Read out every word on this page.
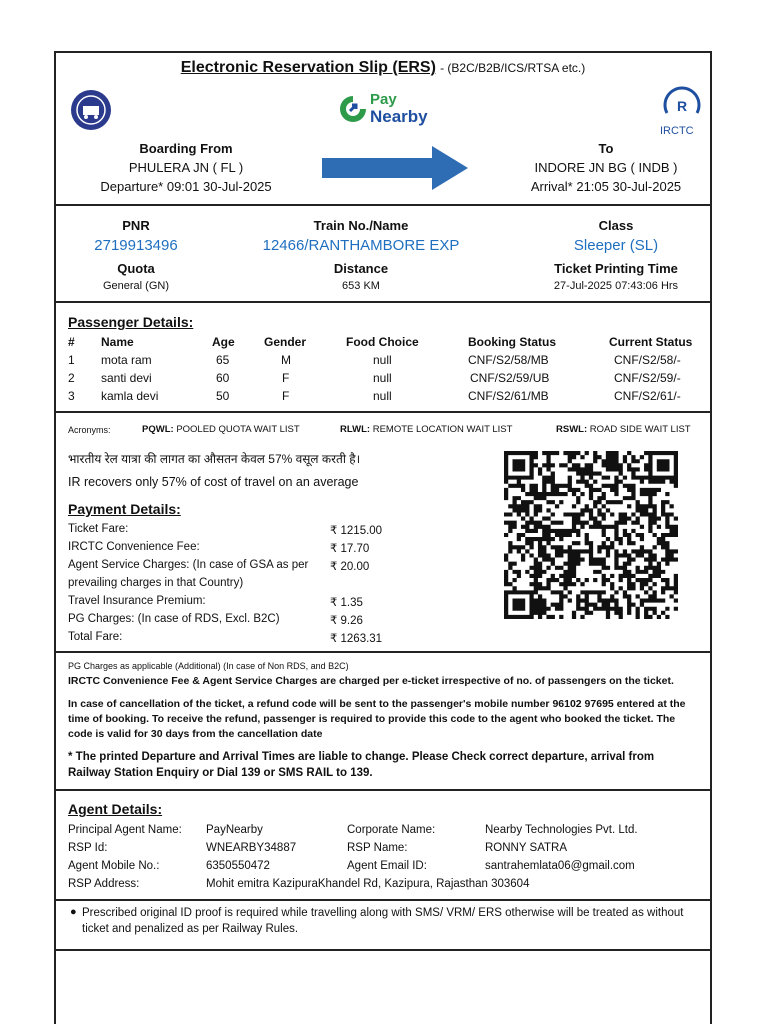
Electronic Reservation Slip (ERS) - (B2C/B2B/ICS/RTSA etc.)
Pay
Nearby
R
IRCTC
Boarding From
PHULERA JN ( FL )
Departure* 09:01 30-Jul-2025
To
INDORE JN BG ( INDB )
Arrival* 21:05 30-Jul-2025
PNR
2719913496
Train No./Name
12466/RANTHAMBORE EXP
Class
Sleeper (SL)
Quota
General (GN)
Distance
653 KM
Ticket Printing Time
27-Jul-2025 07:43:06 Hrs
Passenger Details:
# Name	Age Gender	Food Choice	Booking Status	Current Status
1 mota ram	65	M	null	CNF/S2/58/MB	CNF/S2/58/-
2 santi devi	60	F	null	CNF/S2/59/UB	CNF/S2/59/-
3 kamla devi	50	F	null	CNF/S2/61/MB	CNF/S2/61/-
Acronyms:	PQWL: POOLED QUOTA WAIT LIST	RLWL: REMOTE LOCATION WAIT LIST	RSWL: ROAD SIDE WAIT LIST
भारतीय रेल यात्रा की लागत का औसतन केवल 57% वसूल करती है।
IR recovers only 57% of cost of travel on an average
Payment Details:
Ticket Fare:	₹ 1215.00
IRCTC Convenience Fee:	₹ 17.70
Agent Service Charges: (In case of GSA as per ₹ 20.00
prevailing charges in that Country)
Travel Insurance Premium:	₹ 1.35
PG Charges: (In case of RDS, Excl. B2C)	₹ 9.26
Total Fare:	₹ 1263.31
PG Charges as applicable (Additional) (In case of Non RDS, and B2C)
IRCTC Convenience Fee & Agent Service Charges are charged per e-ticket irrespective of no. of passengers on the ticket.
In case of cancellation of the ticket, a refund code will be sent to the passenger's mobile number 96102 97695 entered at the time of booking. To receive the refund, passenger is required to provide this code to the agent who booked the ticket. The code is valid for 30 days from the cancellation date
* The printed Departure and Arrival Times are liable to change. Please Check correct departure, arrival from Railway Station Enquiry or Dial 139 or SMS RAIL to 139.
Agent Details:
Principal Agent Name: PayNearby	Corporate Name:	Nearby Technologies Pvt. Ltd.
RSP Id:	WNEARBY34887	RSP Name:	RONNY SATRA
Agent Mobile No.:	6350550472	Agent Email ID:	santrahemlata06@gmail.com
RSP Address:	Mohit emitra KazipuraKhandel Rd, Kazipura, Rajasthan 303604
● Prescribed original ID proof is required while travelling along with SMS/ VRM/ ERS otherwise will be treated as without ticket and penalized as per Railway Rules.
